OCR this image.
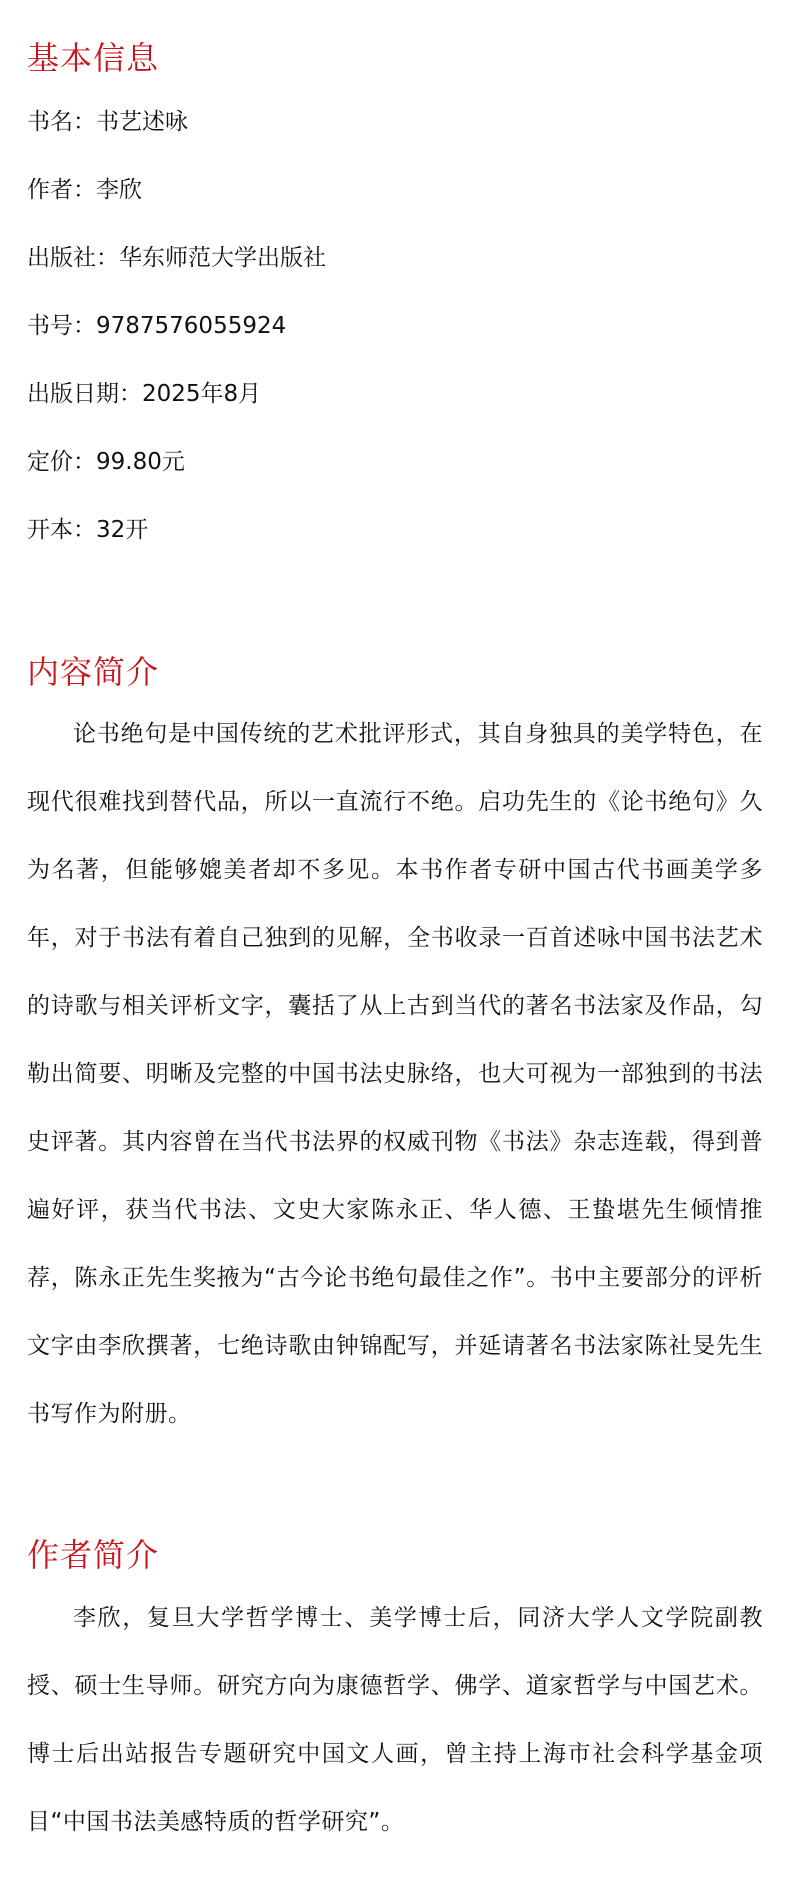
基本信息
书名：书艺述咏
作者：李欣
出版社：华东师范大学出版社
书号：9787576055924
出版日期：2025年8月
定价：99.80元
开本：32开
内容简介

论书绝句是中国传统的艺术批评形式，其自身独具的美学特色，在现代很难找到替代品，所以一直流行不绝。启功先生的《论书绝句》久为名著，但能够媲美者却不多见。本书作者专研中国古代书画美学多年，对于书法有着自己独到的见解，全书收录一百首述咏中国书法艺术的诗歌与相关评析文字，囊括了从上古到当代的著名书法家及作品，勾勒出简要、明晰及完整的中国书法史脉络，也大可视为一部独到的书法史评著。其内容曾在当代书法界的权威刊物《书法》杂志连载，得到普遍好评，获当代书法、文史大家陈永正、华人德、王蛰堪先生倾情推荐，陈永正先生奖掖为“古今论书绝句最佳之作”。书中主要部分的评析文字由李欣撰著，七绝诗歌由钟锦配写，并延请著名书法家陈社旻先生书写作为附册。

作者简介

李欣，复旦大学哲学博士、美学博士后，同济大学人文学院副教授、硕士生导师。研究方向为康德哲学、佛学、道家哲学与中国艺术。博士后出站报告专题研究中国文人画，曾主持上海市社会科学基金项目“中国书法美感特质的哲学研究”。
